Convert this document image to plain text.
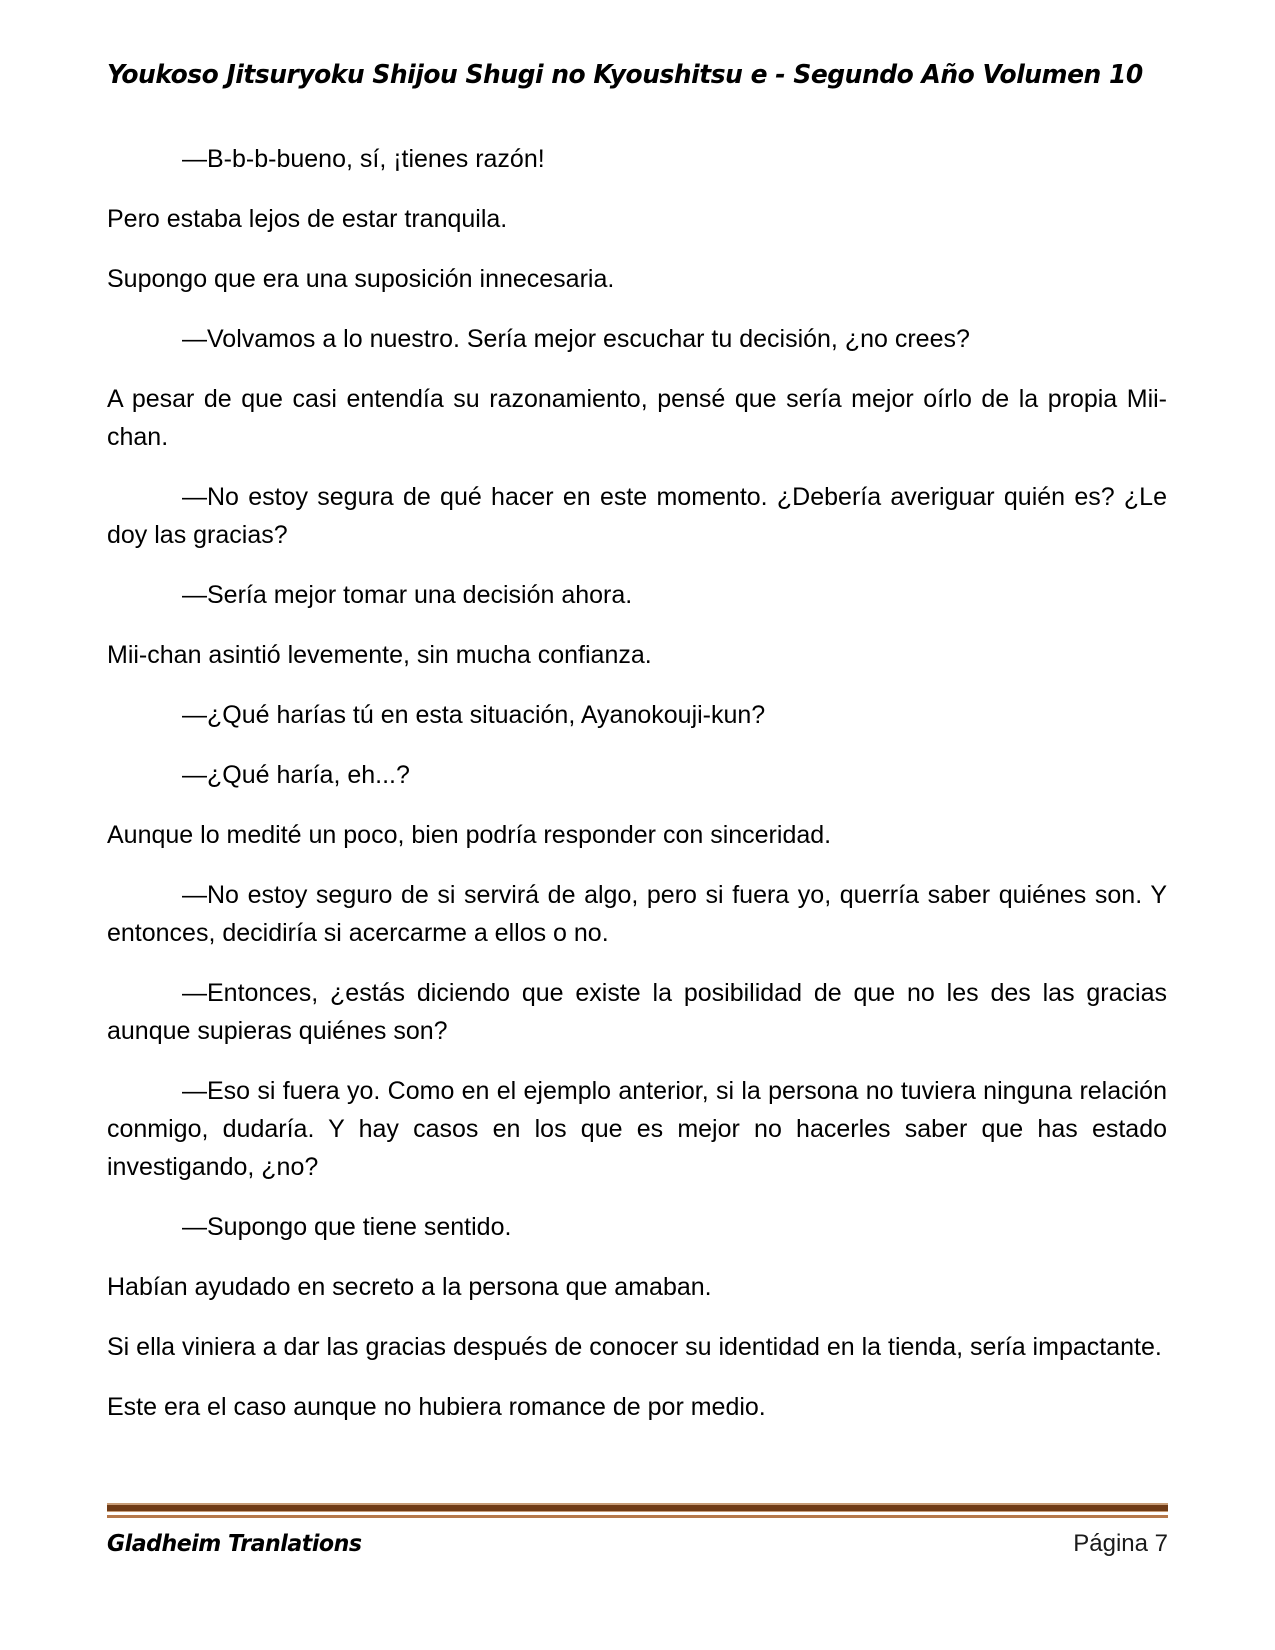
Youkoso Jitsuryoku Shijou Shugi no Kyoushitsu e - Segundo Año Volumen 10

—B-b-b-bueno, sí, ¡tienes razón!

Pero estaba lejos de estar tranquila.

Supongo que era una suposición innecesaria.

—Volvamos a lo nuestro. Sería mejor escuchar tu decisión, ¿no crees?

A pesar de que casi entendía su razonamiento, pensé que sería mejor oírlo de la propia Mii-chan.

—No estoy segura de qué hacer en este momento. ¿Debería averiguar quién es? ¿Le doy las gracias?

—Sería mejor tomar una decisión ahora.

Mii-chan asintió levemente, sin mucha confianza.

—¿Qué harías tú en esta situación, Ayanokouji-kun?

—¿Qué haría, eh...?

Aunque lo medité un poco, bien podría responder con sinceridad.

—No estoy seguro de si servirá de algo, pero si fuera yo, querría saber quiénes son. Y entonces, decidiría si acercarme a ellos o no.

—Entonces, ¿estás diciendo que existe la posibilidad de que no les des las gracias aunque supieras quiénes son?

—Eso si fuera yo. Como en el ejemplo anterior, si la persona no tuviera ninguna relación conmigo, dudaría. Y hay casos en los que es mejor no hacerles saber que has estado investigando, ¿no?

—Supongo que tiene sentido.

Habían ayudado en secreto a la persona que amaban.

Si ella viniera a dar las gracias después de conocer su identidad en la tienda, sería impactante.

Este era el caso aunque no hubiera romance de por medio.

Gladheim Tranlations	Página 7
